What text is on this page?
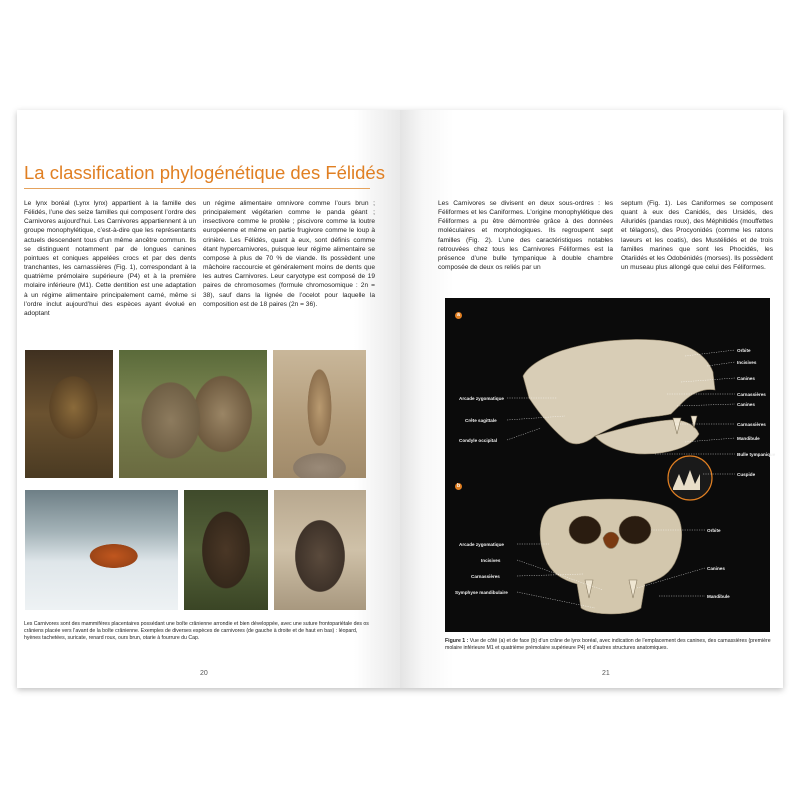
La classification phylogénétique des Félidés

Le lynx boréal (Lynx lynx) appartient à la famille des Félidés, l’une des seize familles qui composent l’ordre des Carnivores aujourd’hui. Les Carnivores appartiennent à un groupe monophylétique, c’est-à-dire que les représentants actuels descendent tous d’un même ancêtre commun. Ils se distinguent notamment par de longues canines pointues et coniques appelées crocs et par des dents tranchantes, les carnassières (Fig. 1), correspondant à la quatrième prémolaire supérieure (P4) et à la première molaire inférieure (M1). Cette dentition est une adaptation à un régime alimentaire principalement carné, même si l’ordre inclut aujourd’hui des espèces ayant évolué en adoptant

un régime alimentaire omnivore comme l’ours brun ; principalement végétarien comme le panda géant ; insectivore comme le protèle ; piscivore comme la loutre européenne et même en partie frugivore comme le loup à crinière. Les Félidés, quant à eux, sont définis comme étant hypercarnivores, puisque leur régime alimentaire se compose à plus de 70 % de viande. Ils possèdent une mâchoire raccourcie et généralement moins de dents que les autres Carnivores. Leur caryotype est composé de 19 paires de chromosomes (formule chromosomique : 2n = 38), sauf dans la lignée de l’ocelot pour laquelle la composition est de 18 paires (2n = 36).

Les Carnivores sont des mammifères placentaires possédant une boîte crânienne arrondie et bien développée, avec une suture frontopariétale des os crâniens placée vers l’avant de la boîte crânienne. Exemples de diverses espèces de carnivores (de gauche à droite et de haut en bas) : léopard, hyènes tachetées, suricate, renard roux, ours brun, otarie à fourrure du Cap.

20

Les Carnivores se divisent en deux sous-ordres : les Féliformes et les Caniformes. L’origine monophylétique des Féliformes a pu être démontrée grâce à des données moléculaires et morphologiques. Ils regroupent sept familles (Fig. 2). L’une des caractéristiques notables retrouvées chez tous les Carnivores Féliformes est la présence d’une bulle tympanique à double chambre composée de deux os reliés par un

septum (Fig. 1). Les Caniformes se composent quant à eux des Canidés, des Ursidés, des Ailuridés (pandas roux), des Méphitidés (mouffettes et télagons), des Procyonidés (comme les ratons laveurs et les coatis), des Mustélidés et de trois familles marines que sont les Phocidés, les Otariidés et les Odobénidés (morses). Ils possèdent un museau plus allongé que celui des Féliformes.

a
b
Arcade zygomatique
Crête sagittale
Condyle occipital
Orbite
Incisives
Canines
Carnassières
Canines
Carnassières
Mandibule
Bulle tympanique
Cuspide
Arcade zygomatique
Incisives
Carnassières
Symphyse mandibulaire
Orbite
Canines
Mandibule

Figure 1 : Vue de côté (a) et de face (b) d’un crâne de lynx boréal, avec indication de l’emplacement des canines, des carnassières (première molaire inférieure M1 et quatrième prémolaire supérieure P4) et d’autres structures anatomiques.

21
